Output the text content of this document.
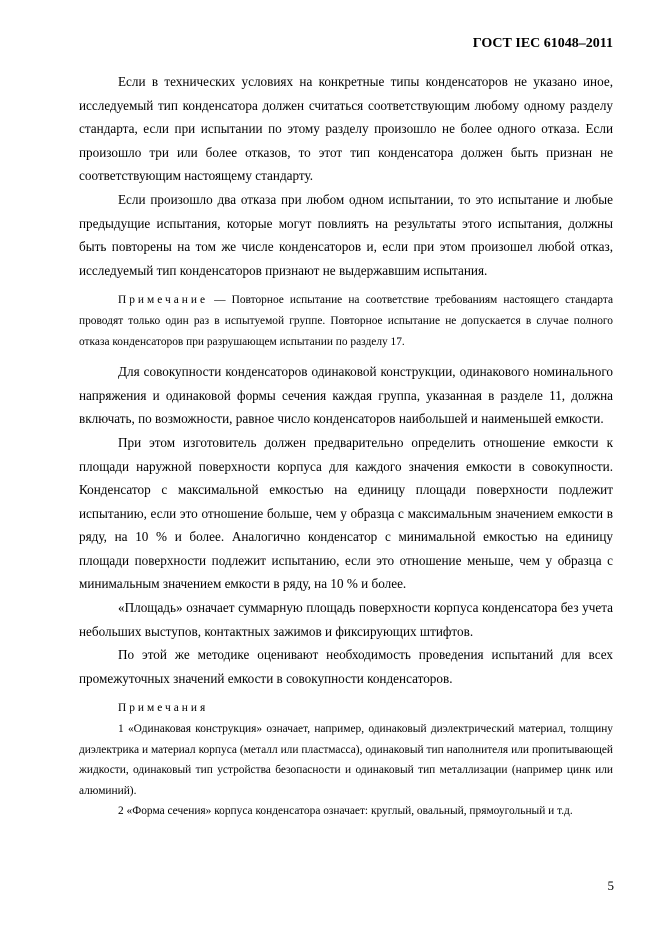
ГОСТ IEC 61048–2011

Если в технических условиях на конкретные типы конденсаторов не указано иное, исследуемый тип конденсатора должен считаться соответствующим любому одному разделу стандарта, если при испытании по этому разделу произошло не более одного отказа. Если произошло три или более отказов, то этот тип конденсатора должен быть признан не соответствующим настоящему стандарту.

Если произошло два отказа при любом одном испытании, то это испытание и любые предыдущие испытания, которые могут повлиять на результаты этого испытания, должны быть повторены на том же числе конденсаторов и, если при этом произошел любой отказ, исследуемый тип конденсаторов признают не выдержавшим испытания.

Примечание — Повторное испытание на соответствие требованиям настоящего стандарта проводят только один раз в испытуемой группе. Повторное испытание не допускается в случае полного отказа конденсаторов при разрушающем испытании по разделу 17.

Для совокупности конденсаторов одинаковой конструкции, одинакового номинального напряжения и одинаковой формы сечения каждая группа, указанная в разделе 11, должна включать, по возможности, равное число конденсаторов наибольшей и наименьшей емкости.

При этом изготовитель должен предварительно определить отношение емкости к площади наружной поверхности корпуса для каждого значения емкости в совокупности. Конденсатор с максимальной емкостью на единицу площади поверхности подлежит испытанию, если это отношение больше, чем у образца с максимальным значением емкости в ряду, на 10 % и более. Аналогично конденсатор с минимальной емкостью на единицу площади поверхности подлежит испытанию, если это отношение меньше, чем у образца с минимальным значением емкости в ряду, на 10 % и более.

«Площадь» означает суммарную площадь поверхности корпуса конденсатора без учета небольших выступов, контактных зажимов и фиксирующих штифтов.

По этой же методике оценивают необходимость проведения испытаний для всех промежуточных значений емкости в совокупности конденсаторов.

Примечания

1 «Одинаковая конструкция» означает, например, одинаковый диэлектрический материал, толщину диэлектрика и материал корпуса (металл или пластмасса), одинаковый тип наполнителя или пропитывающей жидкости, одинаковый тип устройства безопасности и одинаковый тип металлизации (например цинк или алюминий).

2 «Форма сечения» корпуса конденсатора означает: круглый, овальный, прямоугольный и т.д.

5
